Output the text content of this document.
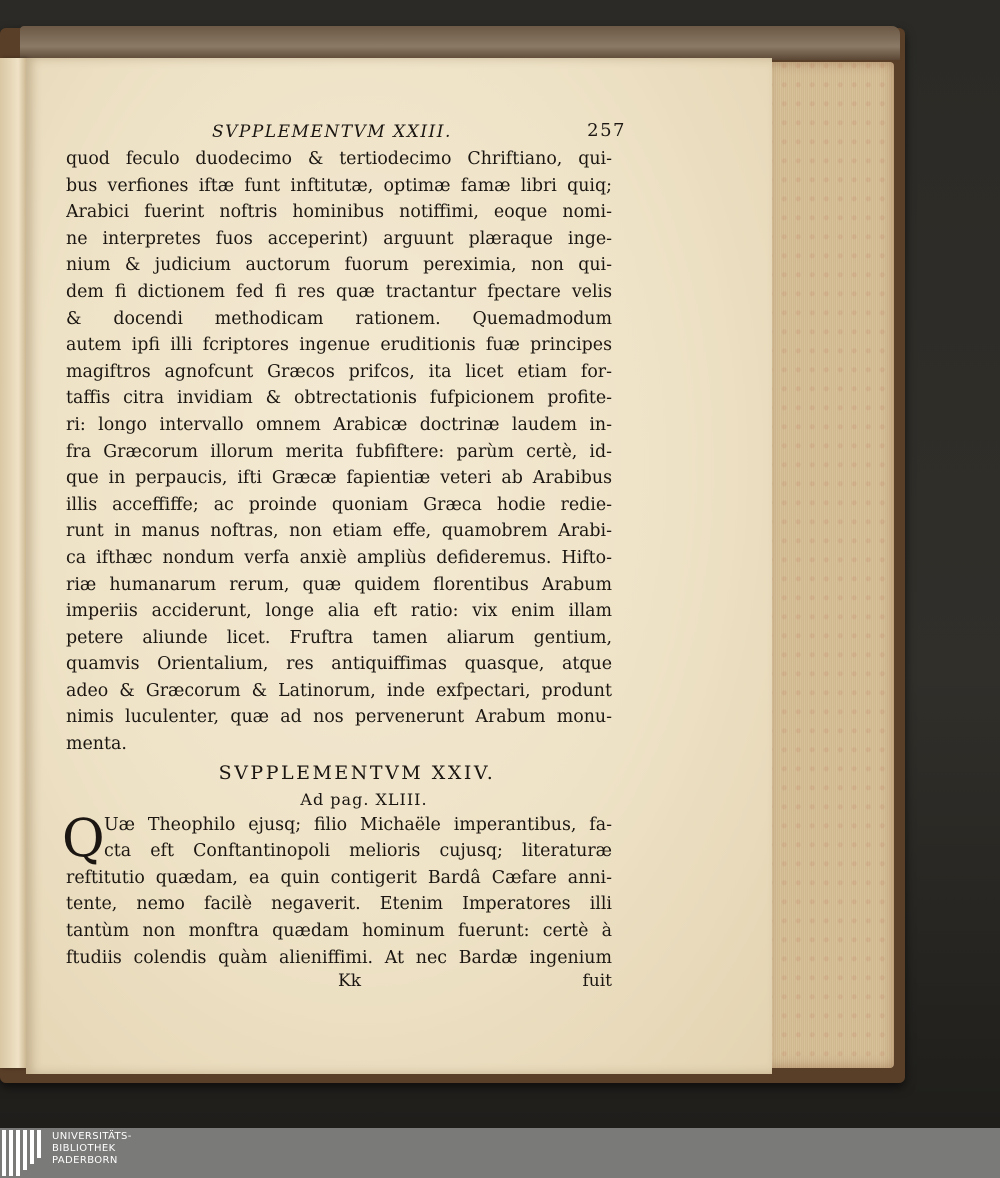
SVPPLEMENTVM XXIII.	257
quod feculo duodecimo & tertiodecimo Chriftiano, qui-
bus verfiones iftæ funt inftitutæ, optimæ famæ libri quiq;
Arabici fuerint noftris hominibus notiffimi, eoque nomi-
ne interpretes fuos acceperint) arguunt plæraque inge-
nium & judicium auctorum fuorum pereximia, non qui-
dem fi dictionem fed fi res quæ tractantur fpectare velis
& docendi methodicam rationem. Quemadmodum
autem ipfi illi fcriptores ingenue eruditionis fuæ principes
magiftros agnofcunt Græcos prifcos, ita licet etiam for-
taffis citra invidiam & obtrectationis fufpicionem profite-
ri: longo intervallo omnem Arabicæ doctrinæ laudem in-
fra Græcorum illorum merita fubfiftere: parùm certè, id-
que in perpaucis, ifti Græcæ fapientiæ veteri ab Arabibus
illis acceffiffe; ac proinde quoniam Græca hodie redie-
runt in manus noftras, non etiam effe, quamobrem Arabi-
ca ifthæc nondum verfa anxiè ampliùs defideremus. Hifto-
riæ humanarum rerum, quæ quidem florentibus Arabum
imperiis acciderunt, longe alia eft ratio: vix enim illam
petere aliunde licet. Fruftra tamen aliarum gentium,
quamvis Orientalium, res antiquiffimas quasque, atque
adeo & Græcorum & Latinorum, inde exfpectari, produnt
nimis luculenter, quæ ad nos pervenerunt Arabum monu-
menta.
SVPPLEMENTVM XXIV.
Ad pag. XLIII.
Q Uæ Theophilo ejusq; filio Michaële imperantibus, fa-
cta eft Conftantinopoli melioris cujusq; literaturæ
reftitutio quædam, ea quin contigerit Bardâ Cæfare anni-
tente, nemo facilè negaverit. Etenim Imperatores illi
tantùm non monftra quædam hominum fuerunt: certè à
ftudiis colendis quàm alieniffimi. At nec Bardæ ingenium
Kk	fuit
UNIVERSITÄTS-
BIBLIOTHEK
PADERBORN
